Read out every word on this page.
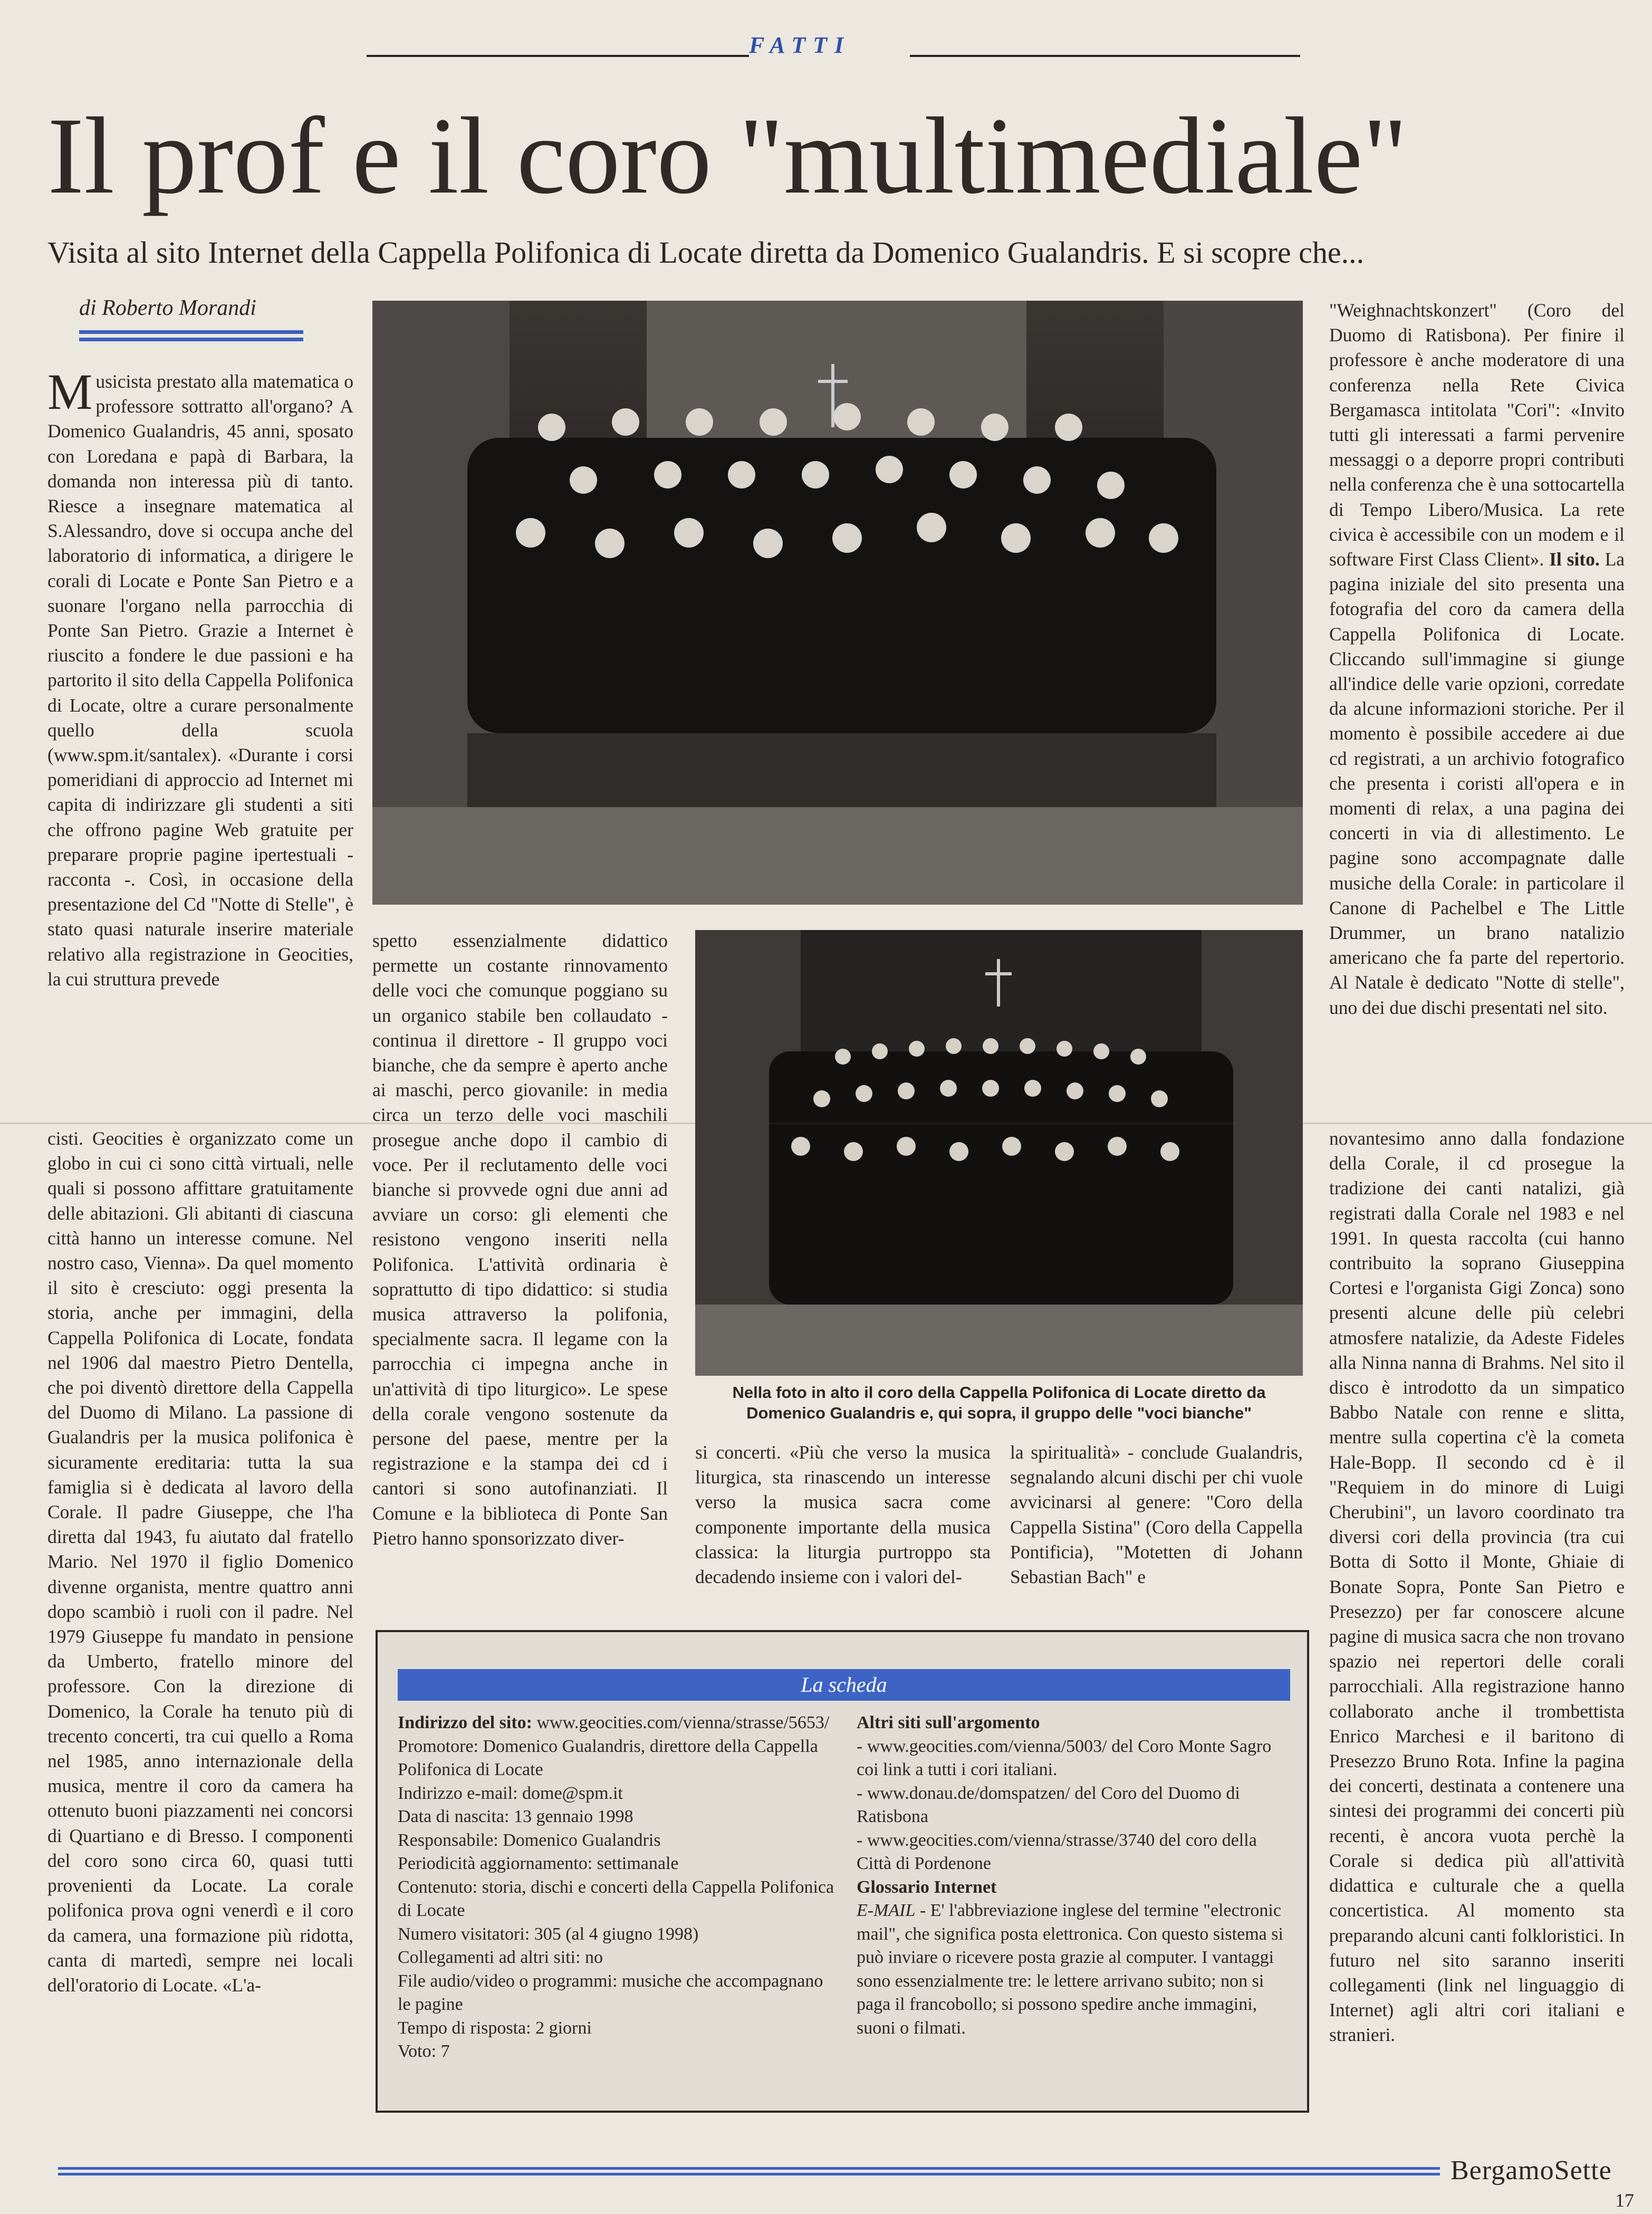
FATTI
Il prof e il coro "multimediale"
Visita al sito Internet della Cappella Polifonica di Locate diretta da Domenico Gualandris. E si scopre che...
di Roberto Morandi
Musicista prestato alla matematica o professore sottratto all'organo? A Domenico Gualandris, 45 anni, sposato con Loredana e papà di Barbara, la domanda non interessa più di tanto. Riesce a insegnare matematica al S.Alessandro, dove si occupa anche del laboratorio di informatica, a dirigere le corali di Locate e Ponte San Pietro e a suonare l'organo nella parrocchia di Ponte San Pietro. Grazie a Internet è riuscito a fondere le due passioni e ha partorito il sito della Cappella Polifonica di Locate, oltre a curare personalmente quello della scuola (www.spm.it/santalex). «Durante i corsi pomeridiani di approccio ad Internet mi capita di indirizzare gli studenti a siti che offrono pagine Web gratuite per preparare proprie pagine ipertestuali - racconta -. Così, in occasione della presentazione del Cd "Notte di Stelle", è stato quasi naturale inserire materiale relativo alla registrazione in Geocities, la cui struttura prevede
cisti. Geocities è organizzato come un globo in cui ci sono città virtuali, nelle quali si possono affittare gratuitamente delle abitazioni. Gli abitanti di ciascuna città hanno un interesse comune. Nel nostro caso, Vienna». Da quel momento il sito è cresciuto: oggi presenta la storia, anche per immagini, della Cappella Polifonica di Locate, fondata nel 1906 dal maestro Pietro Dentella, che poi diventò direttore della Cappella del Duomo di Milano. La passione di Gualandris per la musica polifonica è sicuramente ereditaria: tutta la sua famiglia si è dedicata al lavoro della Corale. Il padre Giuseppe, che l'ha diretta dal 1943, fu aiutato dal fratello Mario. Nel 1970 il figlio Domenico divenne organista, mentre quattro anni dopo scambiò i ruoli con il padre. Nel 1979 Giuseppe fu mandato in pensione da Umberto, fratello minore del professore. Con la direzione di Domenico, la Corale ha tenuto più di trecento concerti, tra cui quello a Roma nel 1985, anno internazionale della musica, mentre il coro da camera ha ottenuto buoni piazzamenti nei concorsi di Quartiano e di Bresso. I componenti del coro sono circa 60, quasi tutti provenienti da Locate. La corale polifonica prova ogni venerdì e il coro da camera, una formazione più ridotta, canta di martedì, sempre nei locali dell'oratorio di Locate. «L'a-
"Weighnachtskonzert" (Coro del Duomo di Ratisbona). Per finire il professore è anche moderatore di una conferenza nella Rete Civica Bergamasca intitolata "Cori": «Invito tutti gli interessati a farmi pervenire messaggi o a deporre propri contributi nella conferenza che è una sottocartella di Tempo Libero/Musica. La rete civica è accessibile con un modem e il software First Class Client». Il sito. La pagina iniziale del sito presenta una fotografia del coro da camera della Cappella Polifonica di Locate. Cliccando sull'immagine si giunge all'indice delle varie opzioni, corredate da alcune informazioni storiche. Per il momento è possibile accedere ai due cd registrati, a un archivio fotografico che presenta i coristi all'opera e in momenti di relax, a una pagina dei concerti in via di allestimento. Le pagine sono accompagnate dalle musiche della Corale: in particolare il Canone di Pachelbel e The Little Drummer, un brano natalizio americano che fa parte del repertorio. Al Natale è dedicato "Notte di stelle", uno dei due dischi presentati nel sito.
novantesimo anno dalla fondazione della Corale, il cd prosegue la tradizione dei canti natalizi, già registrati dalla Corale nel 1983 e nel 1991. In questa raccolta (cui hanno contribuito la soprano Giuseppina Cortesi e l'organista Gigi Zonca) sono presenti alcune delle più celebri atmosfere natalizie, da Adeste Fideles alla Ninna nanna di Brahms. Nel sito il disco è introdotto da un simpatico Babbo Natale con renne e slitta, mentre sulla copertina c'è la cometa Hale-Bopp. Il secondo cd è il "Requiem in do minore di Luigi Cherubini", un lavoro coordinato tra diversi cori della provincia (tra cui Botta di Sotto il Monte, Ghiaie di Bonate Sopra, Ponte San Pietro e Presezzo) per far conoscere alcune pagine di musica sacra che non trovano spazio nei repertori delle corali parrocchiali. Alla registrazione hanno collaborato anche il trombettista Enrico Marchesi e il baritono di Presezzo Bruno Rota. Infine la pagina dei concerti, destinata a contenere una sintesi dei programmi dei concerti più recenti, è ancora vuota perchè la Corale si dedica più all'attività didattica e culturale che a quella concertistica. Al momento sta preparando alcuni canti folkloristici. In futuro nel sito saranno inseriti collegamenti (link nel linguaggio di Internet) agli altri cori italiani e stranieri.
spetto essenzialmente didattico permette un costante rinnovamento delle voci che comunque poggiano su un organico stabile ben collaudato - continua il direttore - Il gruppo voci bianche, che da sempre è aperto anche ai maschi, perco giovanile: in media circa un terzo delle voci maschili prosegue anche dopo il cambio di voce. Per il reclutamento delle voci bianche si provvede ogni due anni ad avviare un corso: gli elementi che resistono vengono inseriti nella Polifonica. L'attività ordinaria è soprattutto di tipo didattico: si studia musica attraverso la polifonia, specialmente sacra. Il legame con la parrocchia ci impegna anche in un'attività di tipo liturgico». Le spese della corale vengono sostenute da persone del paese, mentre per la registrazione e la stampa dei cd i cantori si sono autofinanziati. Il Comune e la biblioteca di Ponte San Pietro hanno sponsorizzato diver-
Nella foto in alto il coro della Cappella Polifonica di Locate diretto da Domenico Gualandris e, qui sopra, il gruppo delle "voci bianche"
si concerti. «Più che verso la musica liturgica, sta rinascendo un interesse verso la musica sacra come componente importante della musica classica: la liturgia purtroppo sta decadendo insieme con i valori del-
la spiritualità» - conclude Gualandris, segnalando alcuni dischi per chi vuole avvicinarsi al genere: "Coro della Cappella Sistina" (Coro della Cappella Pontificia), "Motetten di Johann Sebastian Bach" e
La scheda
Indirizzo del sito: www.geocities.com/vienna/strasse/5653/
Promotore: Domenico Gualandris, direttore della Cappella Polifonica di Locate
Indirizzo e-mail: dome@spm.it
Data di nascita: 13 gennaio 1998
Responsabile: Domenico Gualandris
Periodicità aggiornamento: settimanale
Contenuto: storia, dischi e concerti della Cappella Polifonica di Locate
Numero visitatori: 305 (al 4 giugno 1998)
Collegamenti ad altri siti: no
File audio/video o programmi: musiche che accompagnano le pagine
Tempo di risposta: 2 giorni
Voto: 7
Altri siti sull'argomento
- www.geocities.com/vienna/5003/ del Coro Monte Sagro coi link a tutti i cori italiani.
- www.donau.de/domspatzen/ del Coro del Duomo di Ratisbona
- www.geocities.com/vienna/strasse/3740 del coro della Città di Pordenone
Glossario Internet
E-MAIL - E' l'abbreviazione inglese del termine "electronic mail", che significa posta elettronica. Con questo sistema si può inviare o ricevere posta grazie al computer. I vantaggi sono essenzialmente tre: le lettere arrivano subito; non si paga il francobollo; si possono spedire anche immagini, suoni o filmati.
BergamoSette
17
